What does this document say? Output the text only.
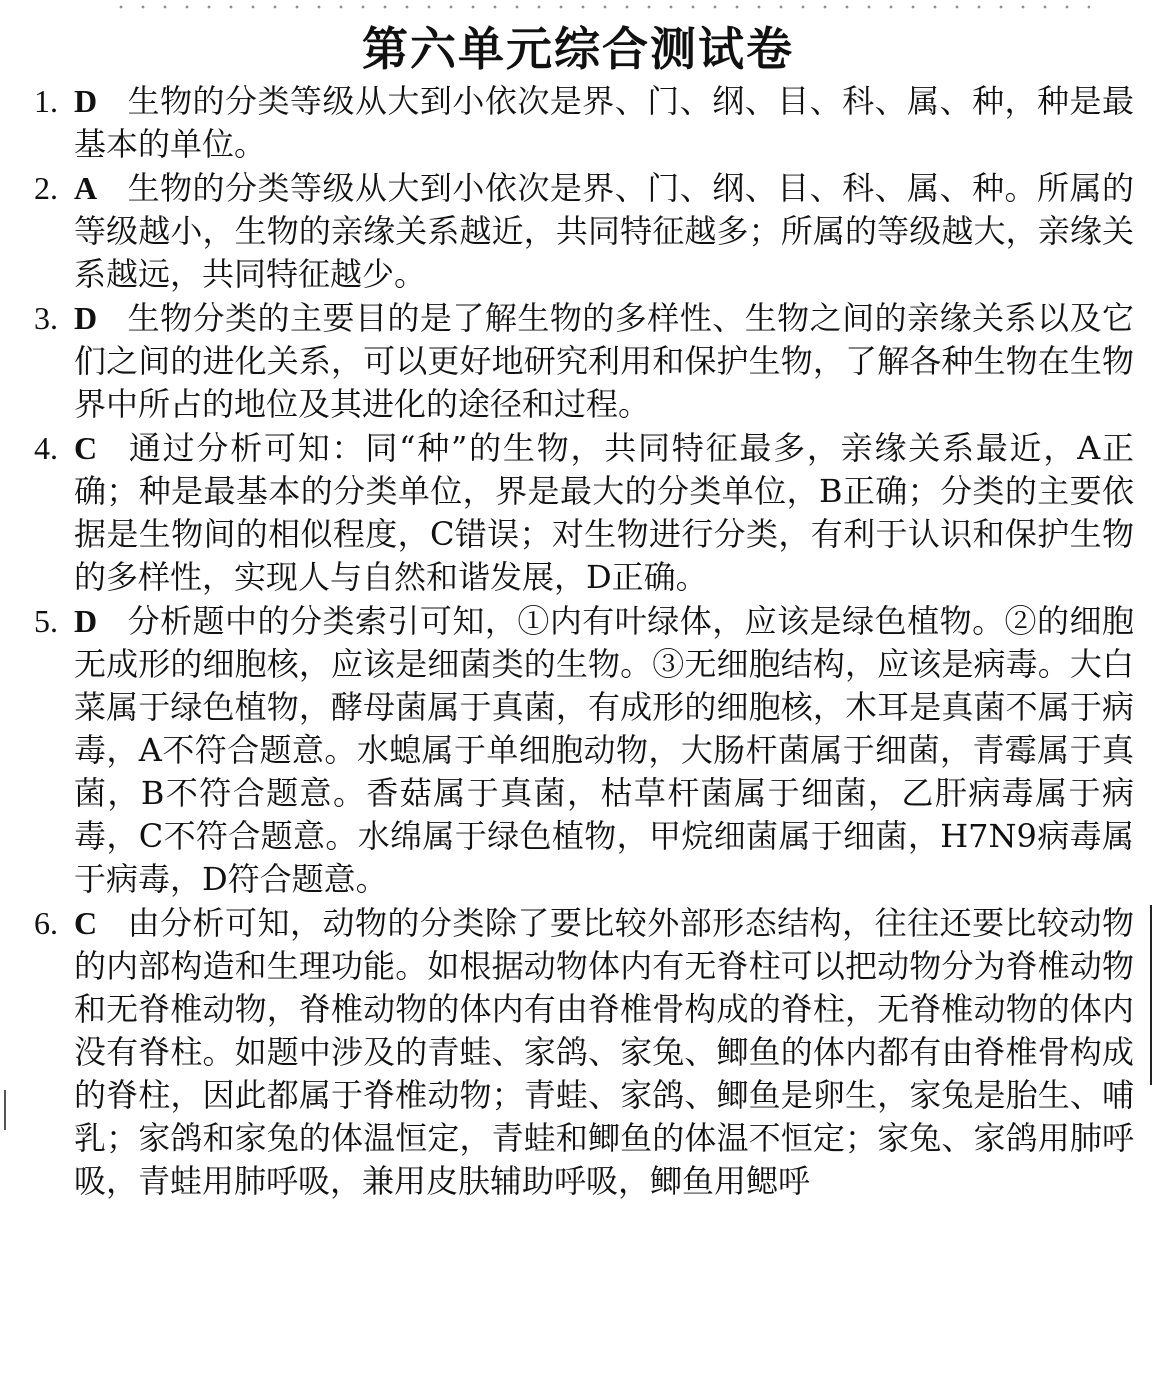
第六单元综合测试卷
1. D 生物的分类等级从大到小依次是界、门、纲、目、科、属、种，种是最基本的单位。
2. A 生物的分类等级从大到小依次是界、门、纲、目、科、属、种。所属的等级越小，生物的亲缘关系越近，共同特征越多；所属的等级越大，亲缘关系越远，共同特征越少。
3. D 生物分类的主要目的是了解生物的多样性、生物之间的亲缘关系以及它们之间的进化关系，可以更好地研究利用和保护生物，了解各种生物在生物界中所占的地位及其进化的途径和过程。
4. C 通过分析可知：同“种”的生物，共同特征最多，亲缘关系最近，A正确；种是最基本的分类单位，界是最大的分类单位，B正确；分类的主要依据是生物间的相似程度，C错误；对生物进行分类，有利于认识和保护生物的多样性，实现人与自然和谐发展，D正确。
5. D 分析题中的分类索引可知，①内有叶绿体，应该是绿色植物。②的细胞无成形的细胞核，应该是细菌类的生物。③无细胞结构，应该是病毒。大白菜属于绿色植物，酵母菌属于真菌，有成形的细胞核，木耳是真菌不属于病毒，A不符合题意。水螅属于单细胞动物，大肠杆菌属于细菌，青霉属于真菌，B不符合题意。香菇属于真菌，枯草杆菌属于细菌，乙肝病毒属于病毒，C不符合题意。水绵属于绿色植物，甲烷细菌属于细菌，H7N9病毒属于病毒，D符合题意。
6. C 由分析可知，动物的分类除了要比较外部形态结构，往往还要比较动物的内部构造和生理功能。如根据动物体内有无脊柱可以把动物分为脊椎动物和无脊椎动物，脊椎动物的体内有由脊椎骨构成的脊柱，无脊椎动物的体内没有脊柱。如题中涉及的青蛙、家鸽、家兔、鲫鱼的体内都有由脊椎骨构成的脊柱，因此都属于脊椎动物；青蛙、家鸽、鲫鱼是卵生，家兔是胎生、哺乳；家鸽和家兔的体温恒定，青蛙和鲫鱼的体温不恒定；家兔、家鸽用肺呼吸，青蛙用肺呼吸，兼用皮肤辅助呼吸，鲫鱼用鳃呼
